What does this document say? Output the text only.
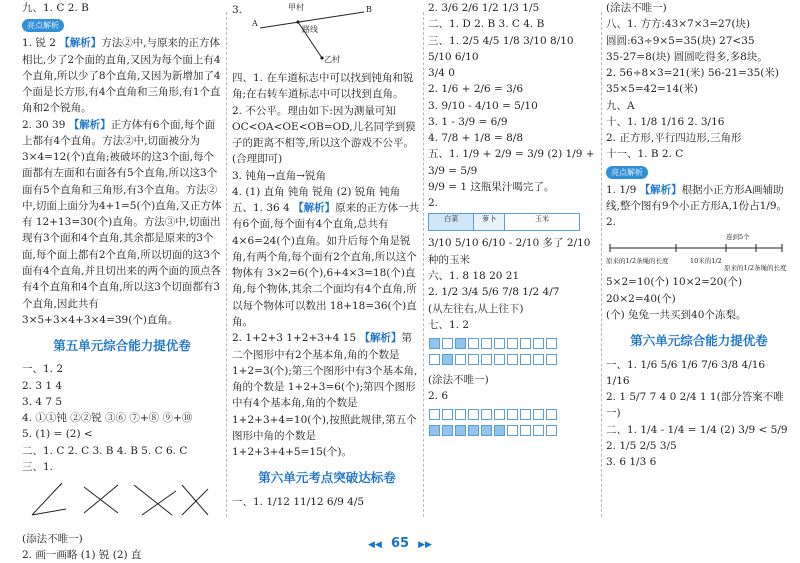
九、1. C 2. B

亮点解析

1. 锐 2 【解析】方法②中,与原来的正方体相比,少了2个面的直角,又因为每个面上有4个直角,所以少了8个直角,又因为新增加了4个面是长方形,有4个直角和三角形,有1个直角和2个锐角。

2. 30 39 【解析】正方体有6个面,每个面上都有4个直角。方法②中,切面被分为3×4=12(个)直角;被破坏的这3个面,每个面都有左面和右面各有5个直角,所以这3个面有5个直角和三角形,有3个直角。方法②中,切面上面分为4+1=5(个)直角,又正方体有 12+13=30(个)直角。方法③中,切面出现有3个面和4个直角,其余都是原来的3个面,每个面上都有2个直角,所以切面的这3个面有4个直角,并且切出来的两个面的顶点各有4个直角和4个直角,所以这3个切面都有3个直角,因此共有 3×5+3×4+3×4=39(个)直角。

第五单元综合能力提优卷

一、1. 2

2. 3 1 4

3. 4 7 5

4. ①①钝 ②②锐 ③⑥ ⑦+⑧ ⑨+⑩

5. (1) = (2) <

二、1. C 2. C 3. B 4. B 5. C 6. C

三、1.

(添法不唯一)

2. 画一画略 (1) 锐 (2) 直

3.	甲村
乙村
路线
A
B

四、1. 在车道标志中可以找到钝角和锐角;在右转车道标志中可以找到直角。

2. 不公平。理由如下:因为测量可知 OC<OA<OE<OB=OD,儿名同学到獏子的距离不相等,所以这个游戏不公平。(合理即可)

3. 钝角→直角→锐角

4. (1) 直角 钝角 锐角 (2) 锐角 钝角

五、1. 36 4 【解析】原来的正方体一共有6个面,每个面有4个直角,总共有4×6=24(个)直角。如升后每个角是锐角,有两个角,每个面有2个直角,所以这个物体有 3×2=6(个),6+4×3=18(个)直角,每个物体,其余二个面均有4个直角,所以每个物体可以数出 18+18=36(个)直角。

2. 1+2+3 1+2+3+4 15 【解析】第二个图形中有2个基本角,角的个数是 1+2=3(个);第三个图形中有3个基本角,角的个数是 1+2+3=6(个);第四个图形中有4个基本角,角的个数是 1+2+3+4=10(个),按照此规律,第五个图形中角的个数是 1+2+3+4+5=15(个)。

第六单元考点突破达标卷

一、1. 1/12 11/12 6/9 4/5

2. 3/6 2/6 1/2 1/3 1/5

二、1. D 2. B 3. C 4. B

三、1. 2/5 4/5 1/8 3/10 8/10 5/10 6/10

3/4 0

2. 1/6 + 2/6 = 3/6

3. 9/10 - 4/10 = 5/10

3. 1 - 3/9 = 6/9

4. 7/8 + 1/8 = 8/8

五、1. 1/9 + 2/9 = 3/9 (2) 1/9 + 3/9 = 5/9

9/9 = 1 这瓶果汁喝完了。

2.

白菜	萝卜	玉米

3/10 5/10 6/10 - 2/10 多了 2/10 种的玉米

六、1. 8 18 20 21

2. 1/2 3/4 5/6 7/8 1/2 4/7

(从左往右,从上往下)

七、1. 2

(涂法不唯一)

2. 6

(涂法不唯一)

八、1. 方方:43×7×3=27(块)

圆圆:63÷9×5=35(块) 27<35

35-27=8(块) 圆圆吃得多,多8块。

2. 56÷8×3=21(米) 56-21=35(米)

35×5=42=14(米)

九、A

十、1. 1/8 1/16 2. 3/16

2. 正方形,平行四边形,三角形

十一、1. B 2. C

亮点解析

1. 1/9 【解析】根据小正方形A画辅助线,整个图有9个小正方形A,1份占1/9。

2.

连到5个
原来的1/2条绳的长度	10米的1/2
原来的1/2条绳的长度

5×2=10(个) 10×2=20(个) 20×2=40(个)

(个) 兔兔一共买到40个冻梨。

第六单元综合能力提优卷

一、1. 1/6 5/6 1/6 7/6 3/8 4/16 1/16

2. 1 5/7 7 4 0 2/4 1 1(部分答案不唯一)

二、1. 1/4 - 1/4 = 1/4 (2) 3/9 < 5/9

2. 1/5 2/5 3/5

3. 6 1/3 6

◀◀ 65 ▶▶
